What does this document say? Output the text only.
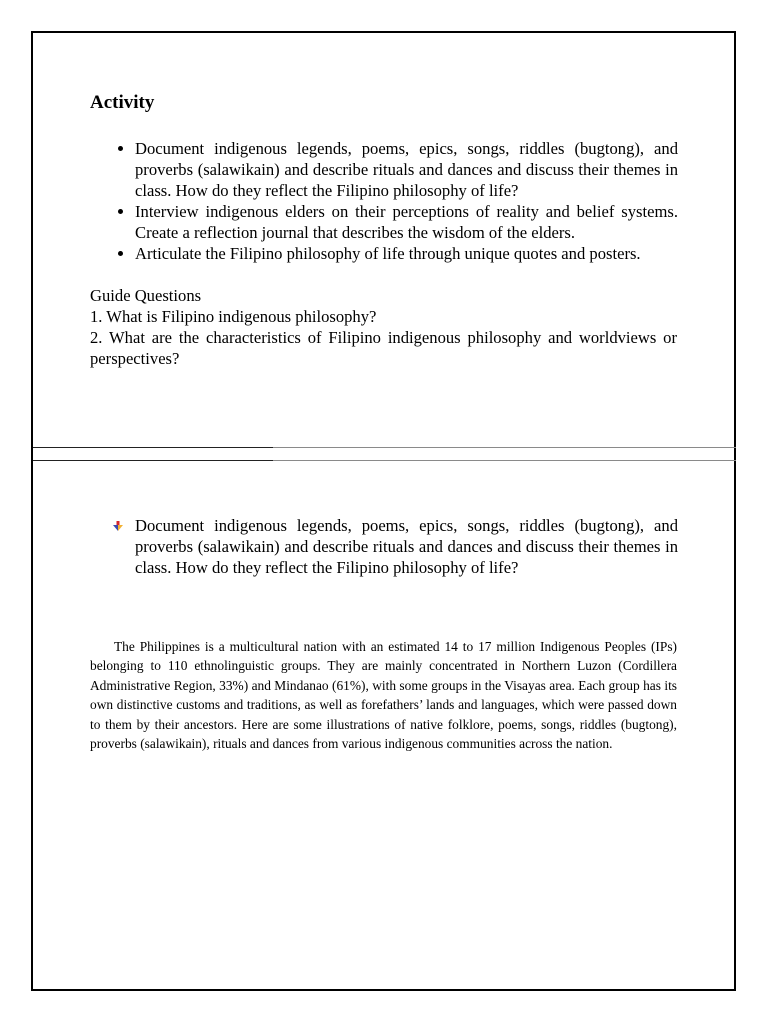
Activity
• Document indigenous legends, poems, epics, songs, riddles (bugtong), and proverbs (salawikain) and describe rituals and dances and discuss their themes in class. How do they reflect the Filipino philosophy of life?
• Interview indigenous elders on their perceptions of reality and belief systems. Create a reflection journal that describes the wisdom of the elders.
• Articulate the Filipino philosophy of life through unique quotes and posters.
Guide Questions
1. What is Filipino indigenous philosophy?
2. What are the characteristics of Filipino indigenous philosophy and worldviews or perspectives?
Document indigenous legends, poems, epics, songs, riddles (bugtong), and proverbs (salawikain) and describe rituals and dances and discuss their themes in class. How do they reflect the Filipino philosophy of life?

The Philippines is a multicultural nation with an estimated 14 to 17 million Indigenous Peoples (IPs) belonging to 110 ethnolinguistic groups. They are mainly concentrated in Northern Luzon (Cordillera Administrative Region, 33%) and Mindanao (61%), with some groups in the Visayas area. Each group has its own distinctive customs and traditions, as well as forefathers’ lands and languages, which were passed down to them by their ancestors. Here are some illustrations of native folklore, poems, songs, riddles (bugtong), proverbs (salawikain), rituals and dances from various indigenous communities across the nation.
